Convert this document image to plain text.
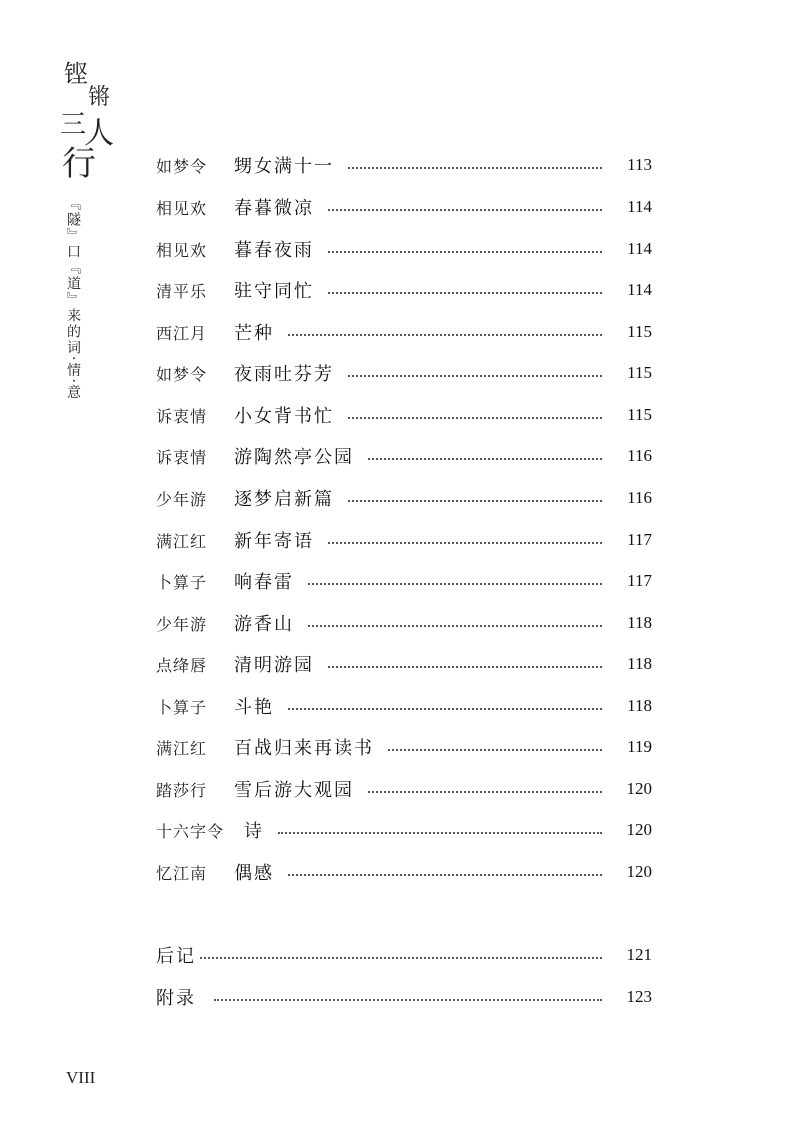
铿
锵
三
人
行
『隧』口『道』来的词·情·意
如梦令	甥女满十一	113
相见欢	春暮微凉	114
相见欢	暮春夜雨	114
清平乐	驻守同忙	114
西江月	芒种	115
如梦令	夜雨吐芬芳	115
诉衷情	小女背书忙	115
诉衷情	游陶然亭公园	116
少年游	逐梦启新篇	116
满江红	新年寄语	117
卜算子	响春雷	117
少年游	游香山	118
点绛唇	清明游园	118
卜算子	斗艳	118
满江红	百战归来再读书	119
踏莎行	雪后游大观园	120
十六字令	诗	120
忆江南	偶感	120
后记	121
附录	123
VIII
